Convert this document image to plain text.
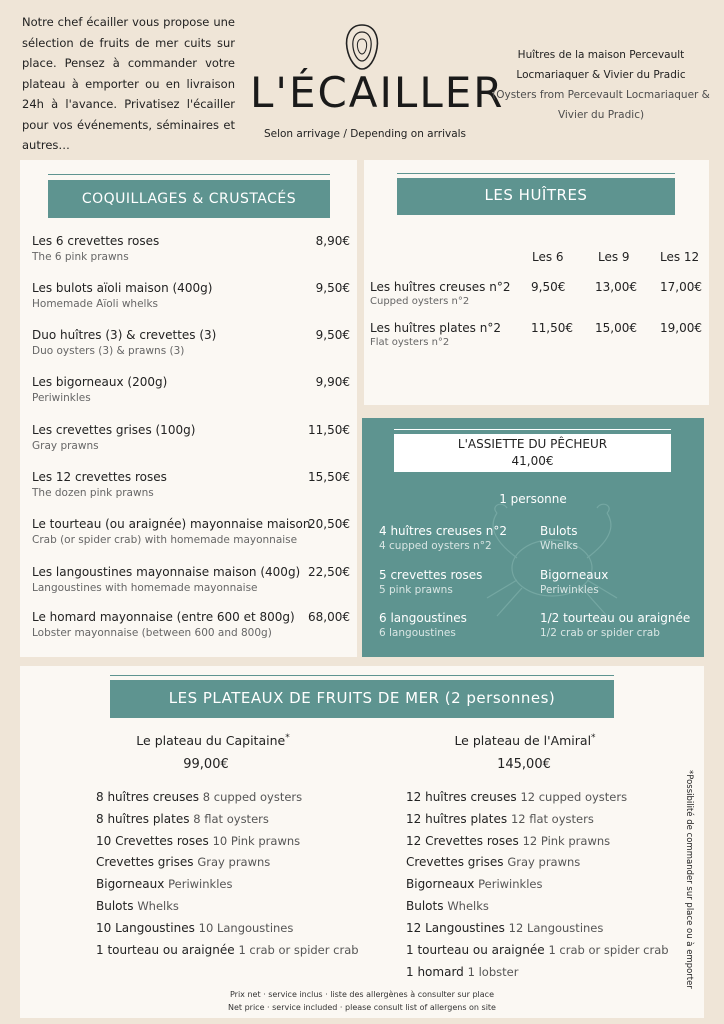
Notre chef écailler vous propose une sélection de fruits de mer cuits sur place. Pensez à commander votre plateau à emporter ou en livraison 24h à l'avance. Privatisez l'écailler pour vos événements, séminaires et autres…
L'ÉCAILLER
Selon arrivage / Depending on arrivals
Huîtres de la maison Percevault Locmariaquer & Vivier du Pradic
(Oysters from Percevault Locmariaquer & Vivier du Pradic)
COQUILLAGES & CRUSTACÉS
Les 6 crevettes roses
The 6 pink prawns
8,90€
Les bulots aïoli maison (400g)
Homemade Aïoli whelks
9,50€
Duo huîtres (3) & crevettes (3)
Duo oysters (3) & prawns (3)
9,50€
Les bigorneaux (200g)
Periwinkles
9,90€
Les crevettes grises (100g)
Gray prawns
11,50€
Les 12 crevettes roses
The dozen pink prawns
15,50€
Le tourteau (ou araignée) mayonnaise maison
Crab (or spider crab) with homemade mayonnaise
20,50€
Les langoustines mayonnaise maison (400g)
Langoustines with homemade mayonnaise
22,50€
Le homard mayonnaise (entre 600 et 800g)
Lobster mayonnaise (between 600 and 800g)
68,00€
LES HUÎTRES
Les 6	Les 9	Les 12
Les huîtres creuses n°2
Cupped oysters n°2
9,50€ 13,00€ 17,00€
Les huîtres plates n°2
Flat oysters n°2
11,50€ 15,00€ 19,00€
L'ASSIETTE DU PÊCHEUR
41,00€
1 personne
4 huîtres creuses n°2
4 cupped oysters n°2
Bulots
Whelks
5 crevettes roses
5 pink prawns
Bigorneaux
Periwinkles
6 langoustines
6 langoustines
1/2 tourteau ou araignée
1/2 crab or spider crab
LES PLATEAUX DE FRUITS DE MER (2 personnes)
Le plateau du Capitaine*
99,00€
8 huîtres creuses 8 cupped oysters
8 huîtres plates 8 flat oysters
10 Crevettes roses 10 Pink prawns
Crevettes grises Gray prawns
Bigorneaux Periwinkles
Bulots Whelks
10 Langoustines 10 Langoustines
1 tourteau ou araignée 1 crab or spider crab
Le plateau de l'Amiral*
145,00€
12 huîtres creuses 12 cupped oysters
12 huîtres plates 12 flat oysters
12 Crevettes roses 12 Pink prawns
Crevettes grises Gray prawns
Bigorneaux Periwinkles
Bulots Whelks
12 Langoustines 12 Langoustines
1 tourteau ou araignée 1 crab or spider crab
1 homard 1 lobster	*Possibilité de commander sur place ou à emporter
Prix net · service inclus · liste des allergènes à consulter sur place
Net price · service included · please consult list of allergens on site
